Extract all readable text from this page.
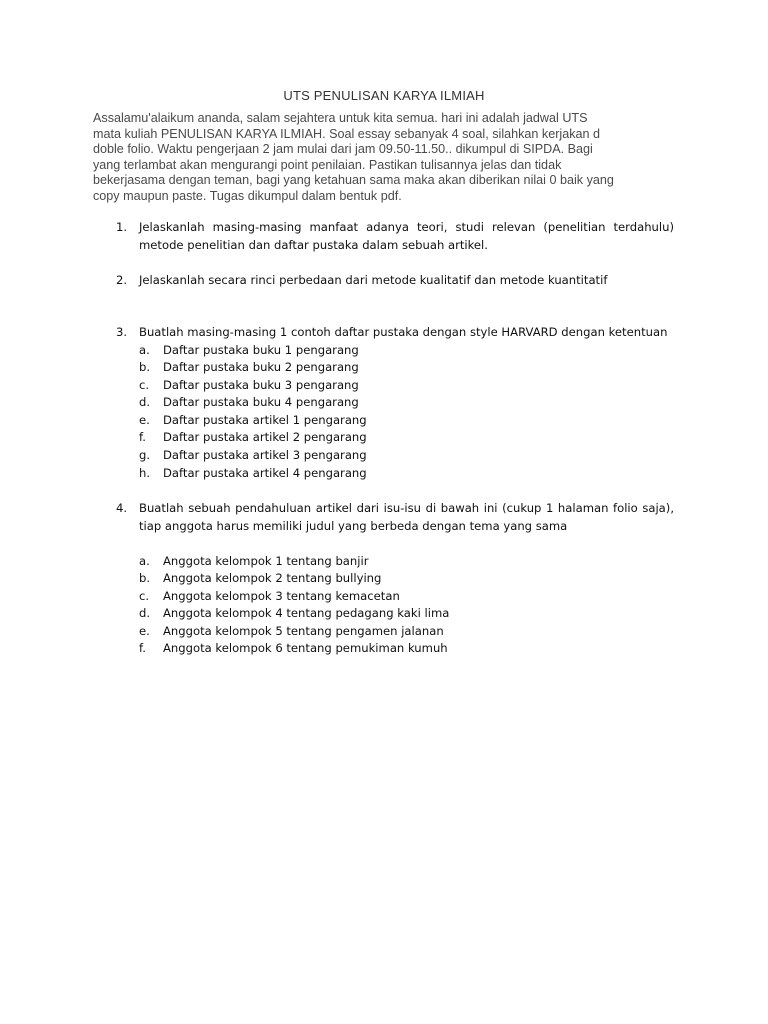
UTS PENULISAN KARYA ILMIAH
Assalamu'alaikum ananda, salam sejahtera untuk kita semua. hari ini adalah jadwal UTS
mata kuliah PENULISAN KARYA ILMIAH. Soal essay sebanyak 4 soal, silahkan kerjakan d
doble folio. Waktu pengerjaan 2 jam mulai dari jam 09.50-11.50.. dikumpul di SIPDA. Bagi
yang terlambat akan mengurangi point penilaian. Pastikan tulisannya jelas dan tidak
bekerjasama dengan teman, bagi yang ketahuan sama maka akan diberikan nilai 0 baik yang
copy maupun paste. Tugas dikumpul dalam bentuk pdf.
1. Jelaskanlah masing-masing manfaat adanya teori, studi relevan (penelitian terdahulu) metode penelitian dan daftar pustaka dalam sebuah artikel.
2. Jelaskanlah secara rinci perbedaan dari metode kualitatif dan metode kuantitatif
3. Buatlah masing-masing 1 contoh daftar pustaka dengan style HARVARD dengan ketentuan
a. Daftar pustaka buku 1 pengarang
b. Daftar pustaka buku 2 pengarang
c. Daftar pustaka buku 3 pengarang
d. Daftar pustaka buku 4 pengarang
e. Daftar pustaka artikel 1 pengarang
f. Daftar pustaka artikel 2 pengarang
g. Daftar pustaka artikel 3 pengarang
h. Daftar pustaka artikel 4 pengarang
4. Buatlah sebuah pendahuluan artikel dari isu-isu di bawah ini (cukup 1 halaman folio saja), tiap anggota harus memiliki judul yang berbeda dengan tema yang sama
a. Anggota kelompok 1 tentang banjir
b. Anggota kelompok 2 tentang bullying
c. Anggota kelompok 3 tentang kemacetan
d. Anggota kelompok 4 tentang pedagang kaki lima
e. Anggota kelompok 5 tentang pengamen jalanan
f. Anggota kelompok 6 tentang pemukiman kumuh
